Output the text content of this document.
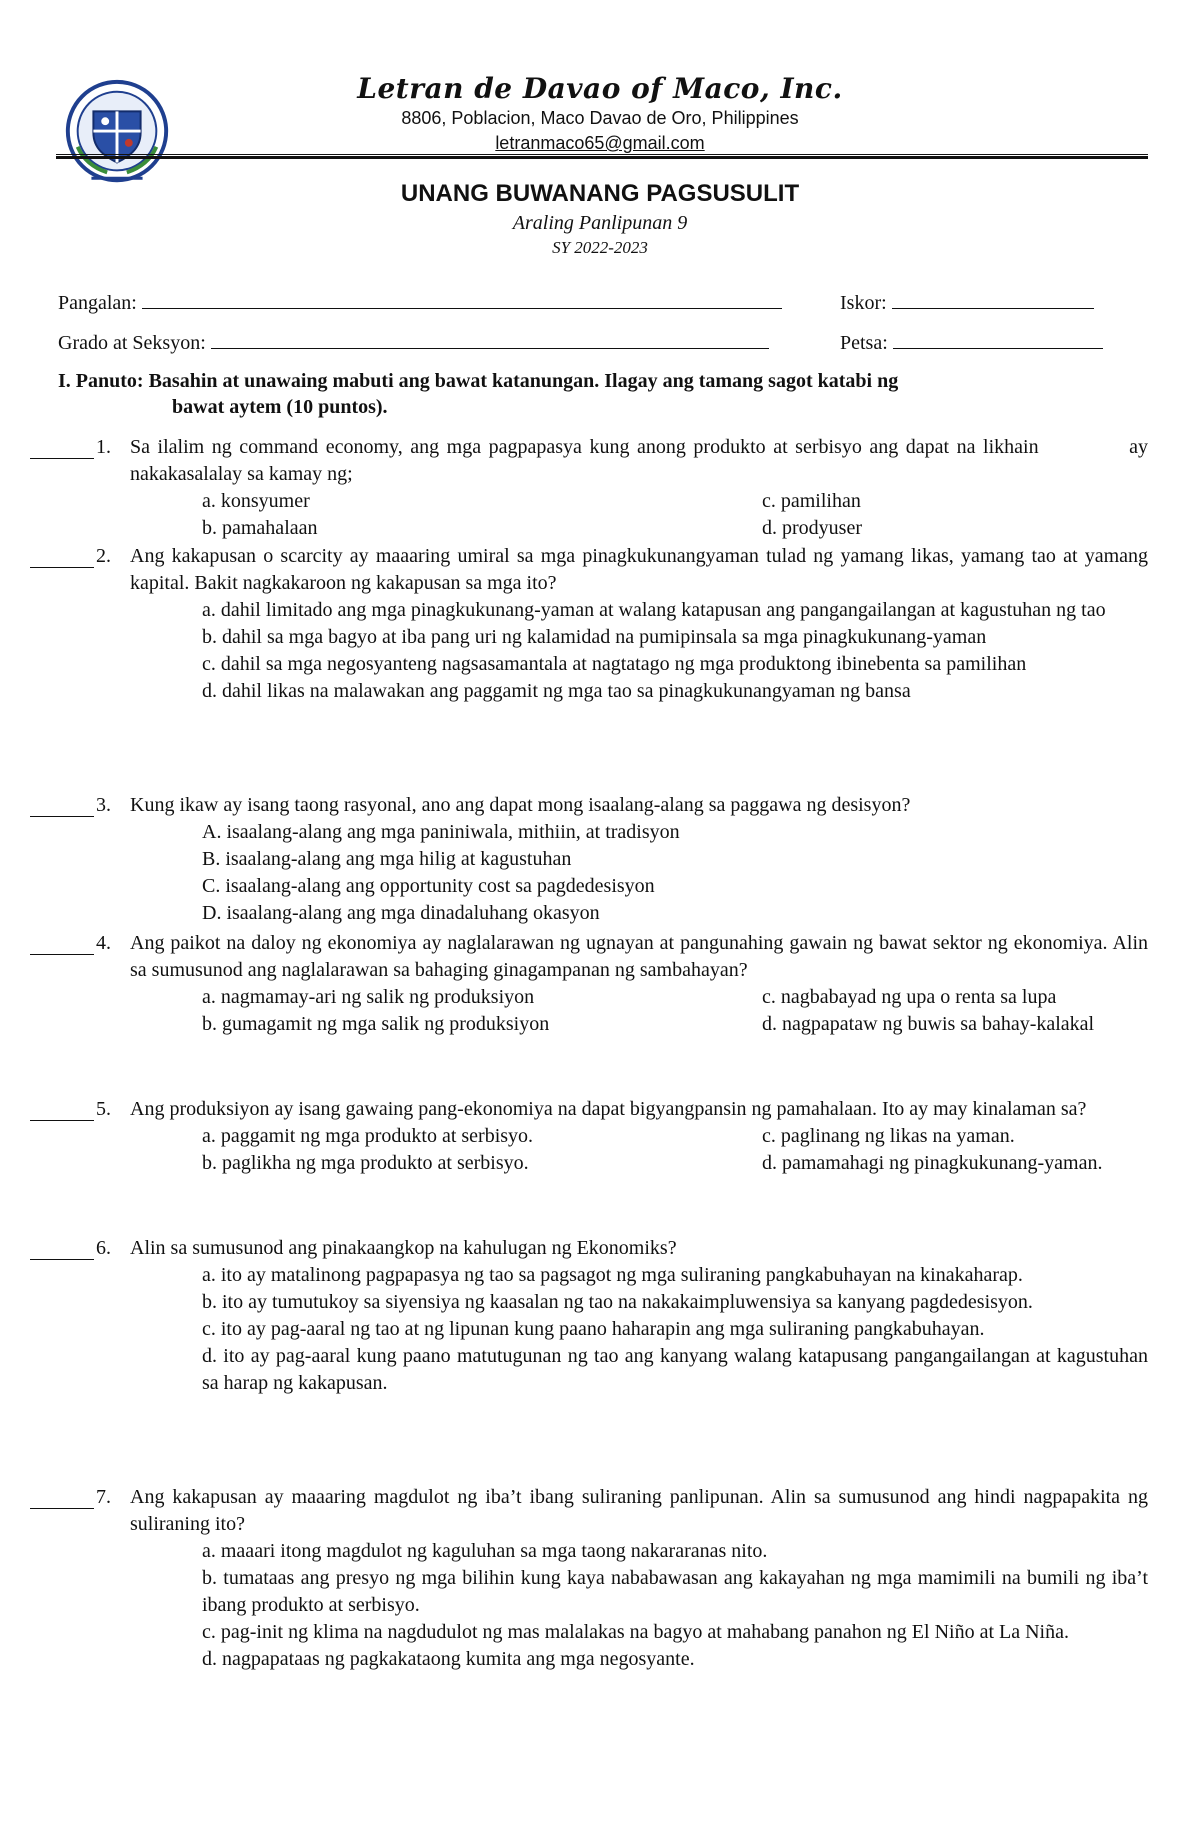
Letran de Davao of Maco, Inc.
8806, Poblacion, Maco Davao de Oro, Philippines
letranmaco65@gmail.com
UNANG BUWANANG PAGSUSULIT
Araling Panlipunan 9
SY 2022-2023
Pangalan:	Iskor:
Grado at Seksyon:	Petsa:
I. Panuto: Basahin at unawaing mabuti ang bawat katanungan. Ilagay ang tamang sagot katabi ng
bawat aytem (10 puntos).
1. Sa ilalim ng command economy, ang mga pagpapasya kung anong produkto at serbisyo ang dapat na likhain            ay nakakasalalay sa kamay ng;
a. konsyumer	c. pamilihan
b. pamahalaan	d. prodyuser
2. Ang kakapusan o scarcity ay maaaring umiral sa mga pinagkukunangyaman tulad ng yamang likas, yamang tao at yamang kapital. Bakit nagkakaroon ng kakapusan sa mga ito?
a. dahil limitado ang mga pinagkukunang-yaman at walang katapusan ang pangangailangan at kagustuhan ng tao
b. dahil sa mga bagyo at iba pang uri ng kalamidad na pumipinsala sa mga pinagkukunang-yaman
c. dahil sa mga negosyanteng nagsasamantala at nagtatago ng mga produktong ibinebenta sa pamilihan
d. dahil likas na malawakan ang paggamit ng mga tao sa pinagkukunangyaman ng bansa
3. Kung ikaw ay isang taong rasyonal, ano ang dapat mong isaalang-alang sa paggawa ng desisyon?
A. isaalang-alang ang mga paniniwala, mithiin, at tradisyon
B. isaalang-alang ang mga hilig at kagustuhan
C. isaalang-alang ang opportunity cost sa pagdedesisyon
D. isaalang-alang ang mga dinadaluhang okasyon
4. Ang paikot na daloy ng ekonomiya ay naglalarawan ng ugnayan at pangunahing gawain ng bawat sektor ng ekonomiya. Alin sa sumusunod ang naglalarawan sa bahaging ginagampanan ng sambahayan?
a. nagmamay-ari ng salik ng produksiyon	c. nagbabayad ng upa o renta sa lupa
b. gumagamit ng mga salik ng produksiyon	d. nagpapataw ng buwis sa bahay-kalakal
5. Ang produksiyon ay isang gawaing pang-ekonomiya na dapat bigyangpansin ng pamahalaan. Ito ay may kinalaman sa?
a. paggamit ng mga produkto at serbisyo.	c. paglinang ng likas na yaman.
b. paglikha ng mga produkto at serbisyo.	d. pamamahagi ng pinagkukunang-yaman.
6. Alin sa sumusunod ang pinakaangkop na kahulugan ng Ekonomiks?
a. ito ay matalinong pagpapasya ng tao sa pagsagot ng mga suliraning pangkabuhayan na kinakaharap.
b. ito ay tumutukoy sa siyensiya ng kaasalan ng tao na nakakaimpluwensiya sa kanyang pagdedesisyon.
c. ito ay pag-aaral ng tao at ng lipunan kung paano haharapin ang mga suliraning pangkabuhayan.
d. ito ay pag-aaral kung paano matutugunan ng tao ang kanyang walang katapusang pangangailangan at kagustuhan sa harap ng kakapusan.
7. Ang kakapusan ay maaaring magdulot ng iba’t ibang suliraning panlipunan. Alin sa sumusunod ang hindi nagpapakita ng suliraning ito?
a. maaari itong magdulot ng kaguluhan sa mga taong nakararanas nito.
b. tumataas ang presyo ng mga bilihin kung kaya nababawasan ang kakayahan ng mga mamimili na bumili ng iba’t ibang produkto at serbisyo.
c. pag-init ng klima na nagdudulot ng mas malalakas na bagyo at mahabang panahon ng El Niño at La Niña.
d. nagpapataas ng pagkakataong kumita ang mga negosyante.
